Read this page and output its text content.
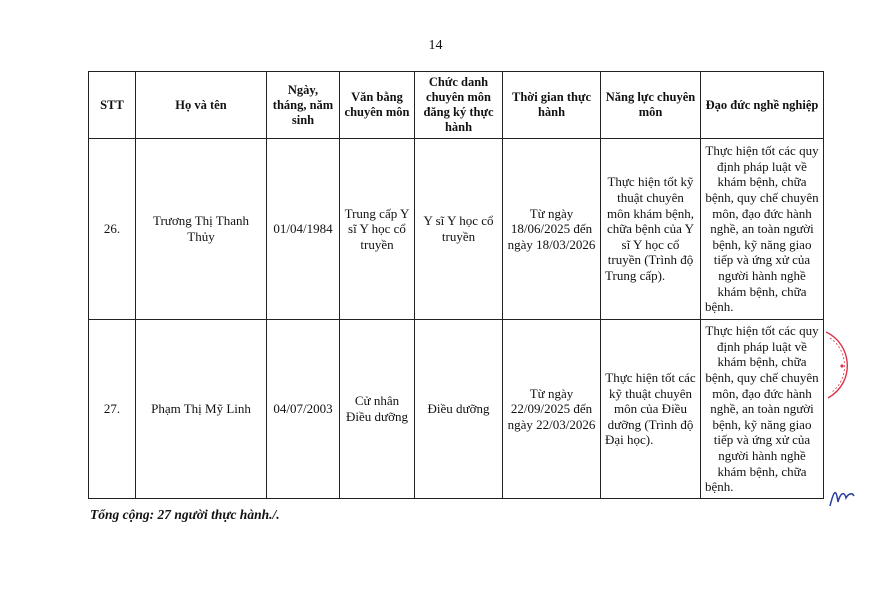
14
STT	Họ và tên	Ngày, tháng, năm sinh	Văn bằng chuyên môn	Chức danh chuyên môn đăng ký thực hành	Thời gian thực hành	Năng lực chuyên môn	Đạo đức nghề nghiệp
26.	Trương Thị Thanh Thủy	01/04/1984	Trung cấp Y sĩ Y học cổ truyền	Y sĩ Y học cổ truyền	Từ ngày 18/06/2025 đến ngày 18/03/2026	Thực hiện tốt kỹ thuật chuyên môn khám bệnh, chữa bệnh của Y sĩ Y học cổ truyền (Trình độ Trung cấp).	Thực hiện tốt các quy định pháp luật về khám bệnh, chữa bệnh, quy chế chuyên môn, đạo đức hành nghề, an toàn người bệnh, kỹ năng giao tiếp và ứng xử của người hành nghề khám bệnh, chữa bệnh.
27.	Phạm Thị Mỹ Linh	04/07/2003	Cử nhân Điều dưỡng	Điều dưỡng	Từ ngày 22/09/2025 đến ngày 22/03/2026	Thực hiện tốt các kỹ thuật chuyên môn của Điều dưỡng (Trình độ Đại học).	Thực hiện tốt các quy định pháp luật về khám bệnh, chữa bệnh, quy chế chuyên môn, đạo đức hành nghề, an toàn người bệnh, kỹ năng giao tiếp và ứng xử của người hành nghề khám bệnh, chữa bệnh.
Tổng cộng: 27 người thực hành./.
